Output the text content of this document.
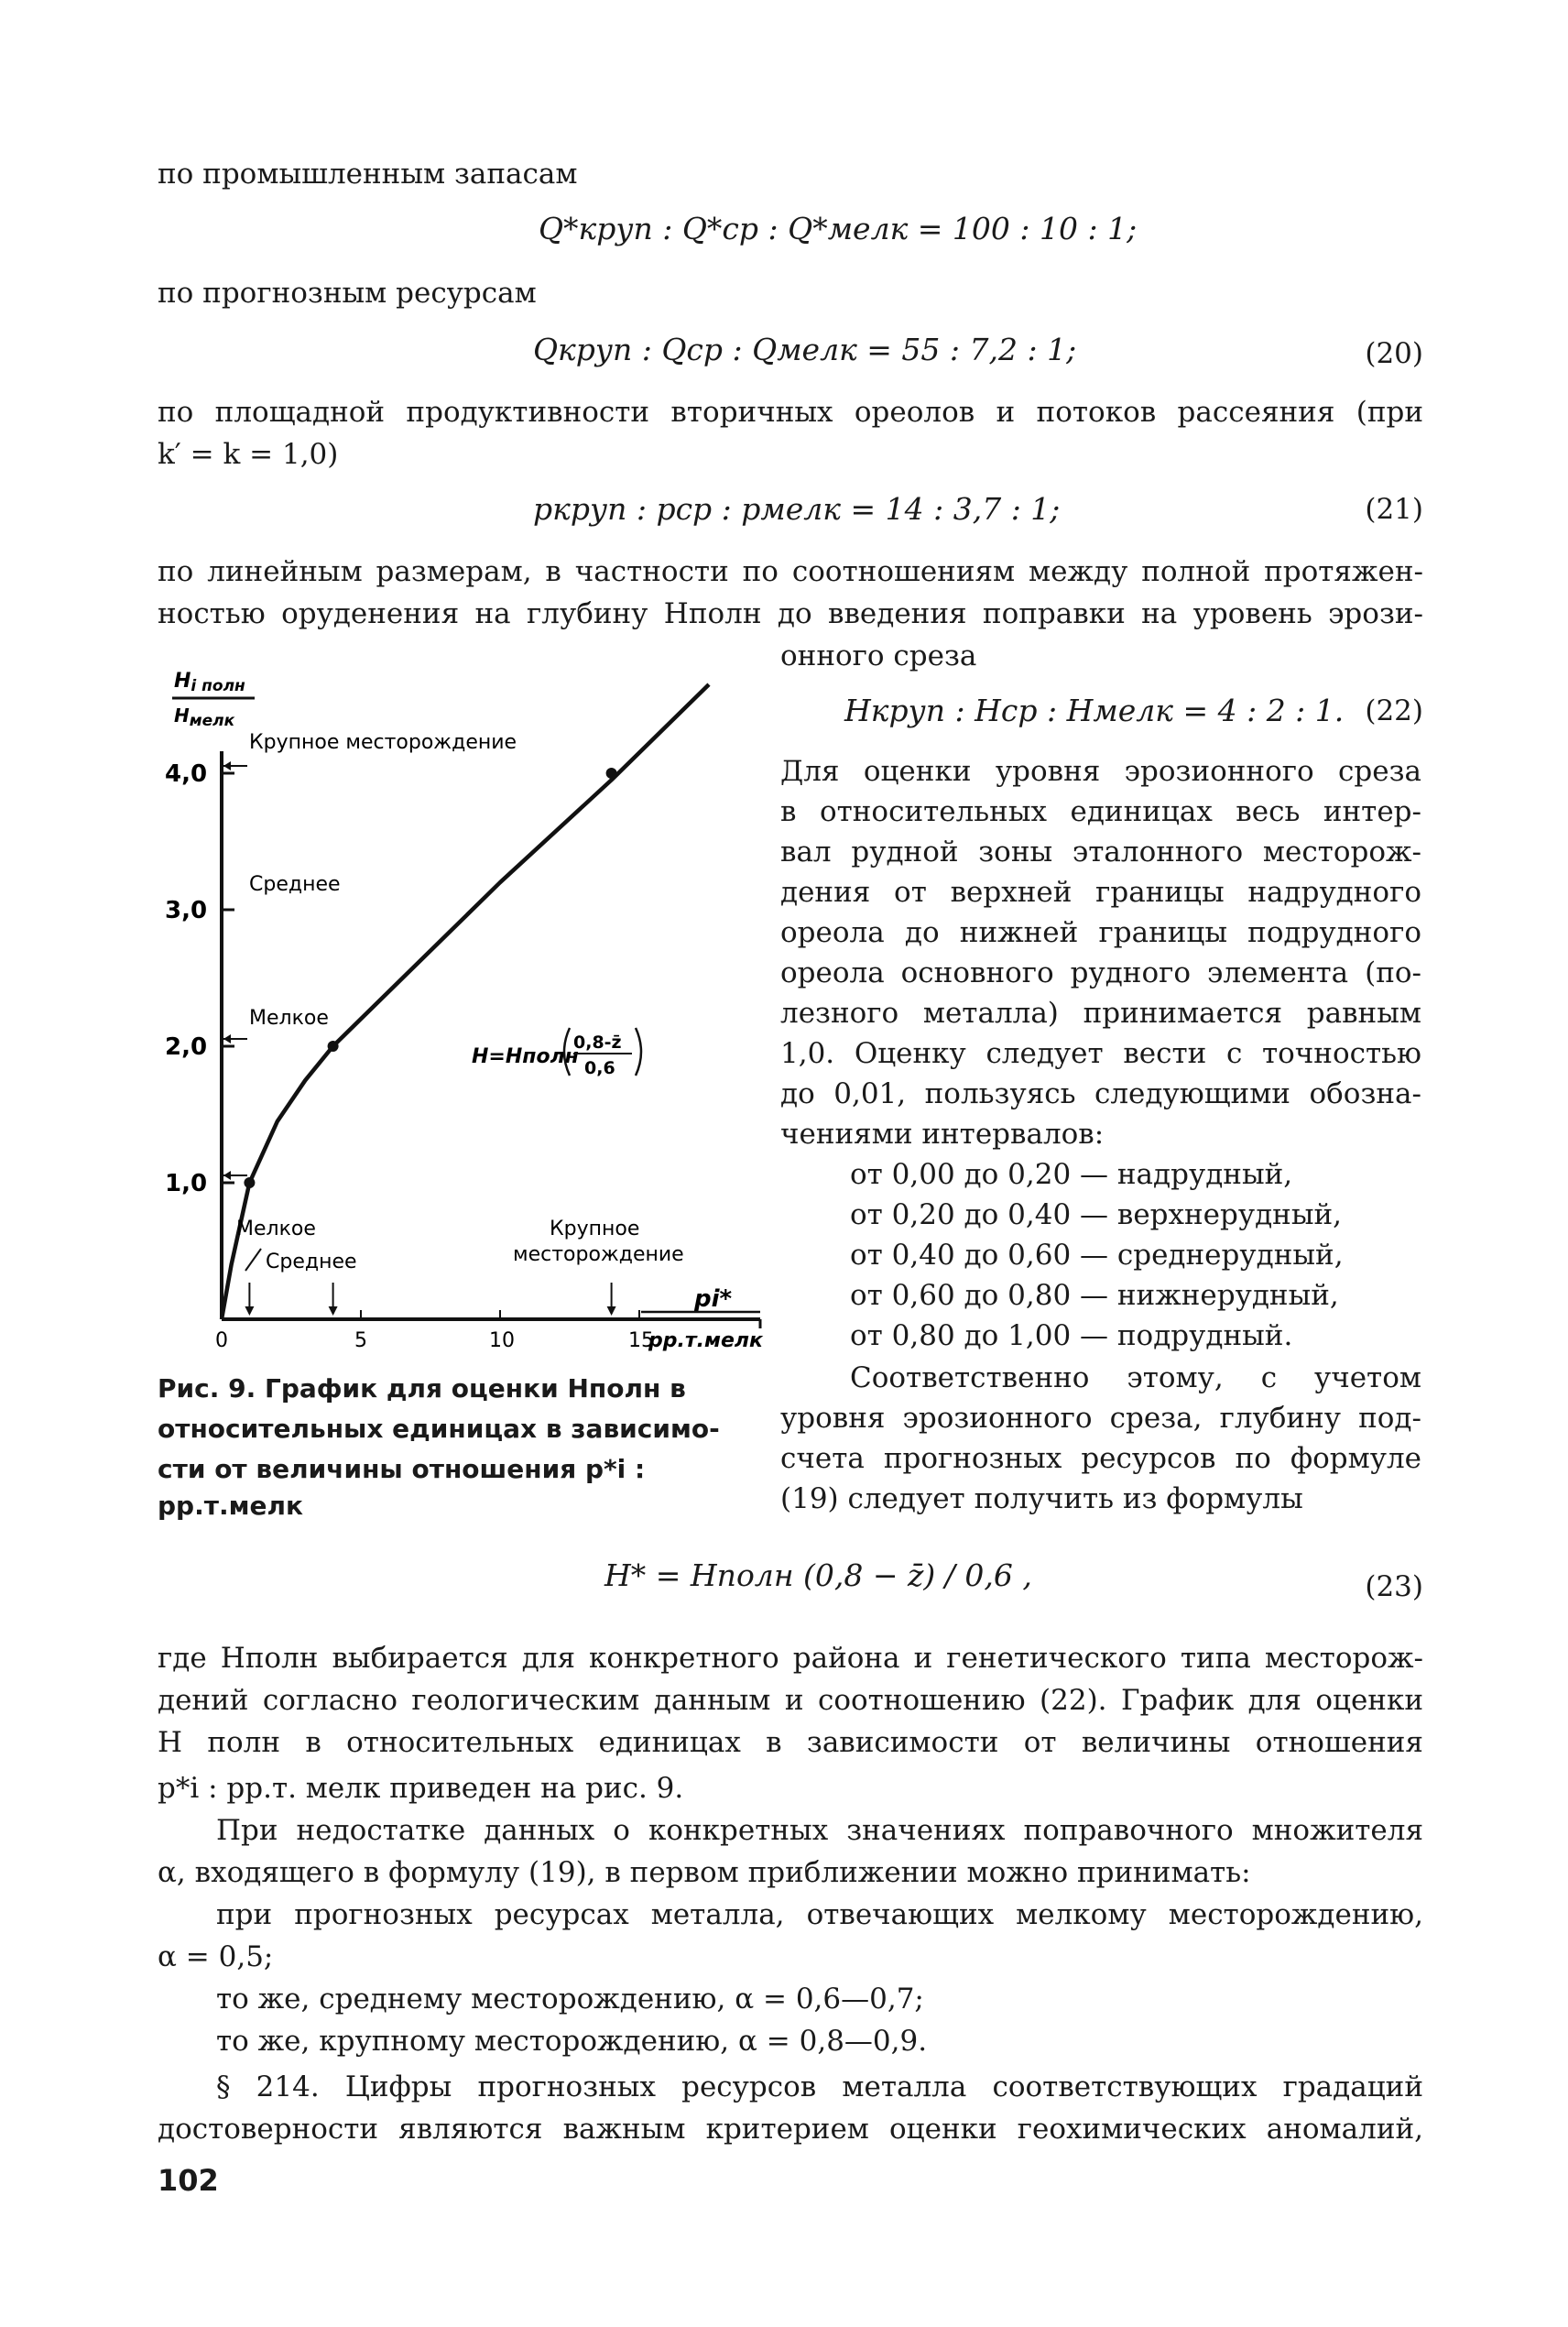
по промышленным запасам
Q*круп : Q*ср : Q*мелк = 100 : 10 : 1;
по прогнозным ресурсам
Qкруп : Qср : Qмелк = 55 : 7,2 : 1;	(20)
по площадной продуктивности вторичных ореолов и потоков рассеяния (при
k′ = k = 1,0)
pкруп : pср : pмелк = 14 : 3,7 : 1;	(21)
по линейным размерам, в частности по соотношениям между полной протяжен-
ностью оруденения на глубину Hполн до введения поправки на уровень эрози-
онного среза
Hкруп : Hср : Hмелк = 4 : 2 : 1. (22)
Для оценки уровня эрозионного среза
в относительных единицах весь интер-
вал рудной зоны эталонного месторож-
дения от верхней границы надрудного
ореола до нижней границы подрудного
ореола основного рудного элемента (по-
лезного металла) принимается равным
1,0. Оценку следует вести с точностью
до 0,01, пользуясь следующими обозна-
чениями интервалов:
от 0,00 до 0,20 — надрудный,
от 0,20 до 0,40 — верхнерудный,
от 0,40 до 0,60 — среднерудный,
от 0,60 до 0,80 — нижнерудный,
от 0,80 до 1,00 — подрудный.
Соответственно этому, с учетом
уровня эрозионного среза, глубину под-
счета прогнозных ресурсов по формуле
(19) следует получить из формулы
Hi полн
$H_{мелк}$
1,0
2,0
3,0
4,0
0	5	10	15
H=Hполн
0,8-z̄
0,6
pi*
pр.т.мелк
Мелкое
Среднее
Крупное
месторождение
Крупное месторождение
Среднее
Мелкое
Рис. 9. График для оценки Hполн в
относительных единицах в зависимо-
сти от величины отношения p*i : pр.т.мелк
H* = Hполн (0,8 − z̄) / 0,6 ,	(23)
где Hполн выбирается для конкретного района и генетического типа месторож-
дений согласно геологическим данным и соотношению (22). График для оценки
H полн в относительных единицах в зависимости от величины отношения
p*i : pр.т. мелк приведен на рис. 9.
При недостатке данных о конкретных значениях поправочного множителя
α, входящего в формулу (19), в первом приближении можно принимать:
при прогнозных ресурсах металла, отвечающих мелкому месторождению,
α = 0,5;
то же, среднему месторождению, α = 0,6—0,7;
то же, крупному месторождению, α = 0,8—0,9.
§ 214. Цифры прогнозных ресурсов металла соответствующих градаций
достоверности являются важным критерием оценки геохимических аномалий,
102
